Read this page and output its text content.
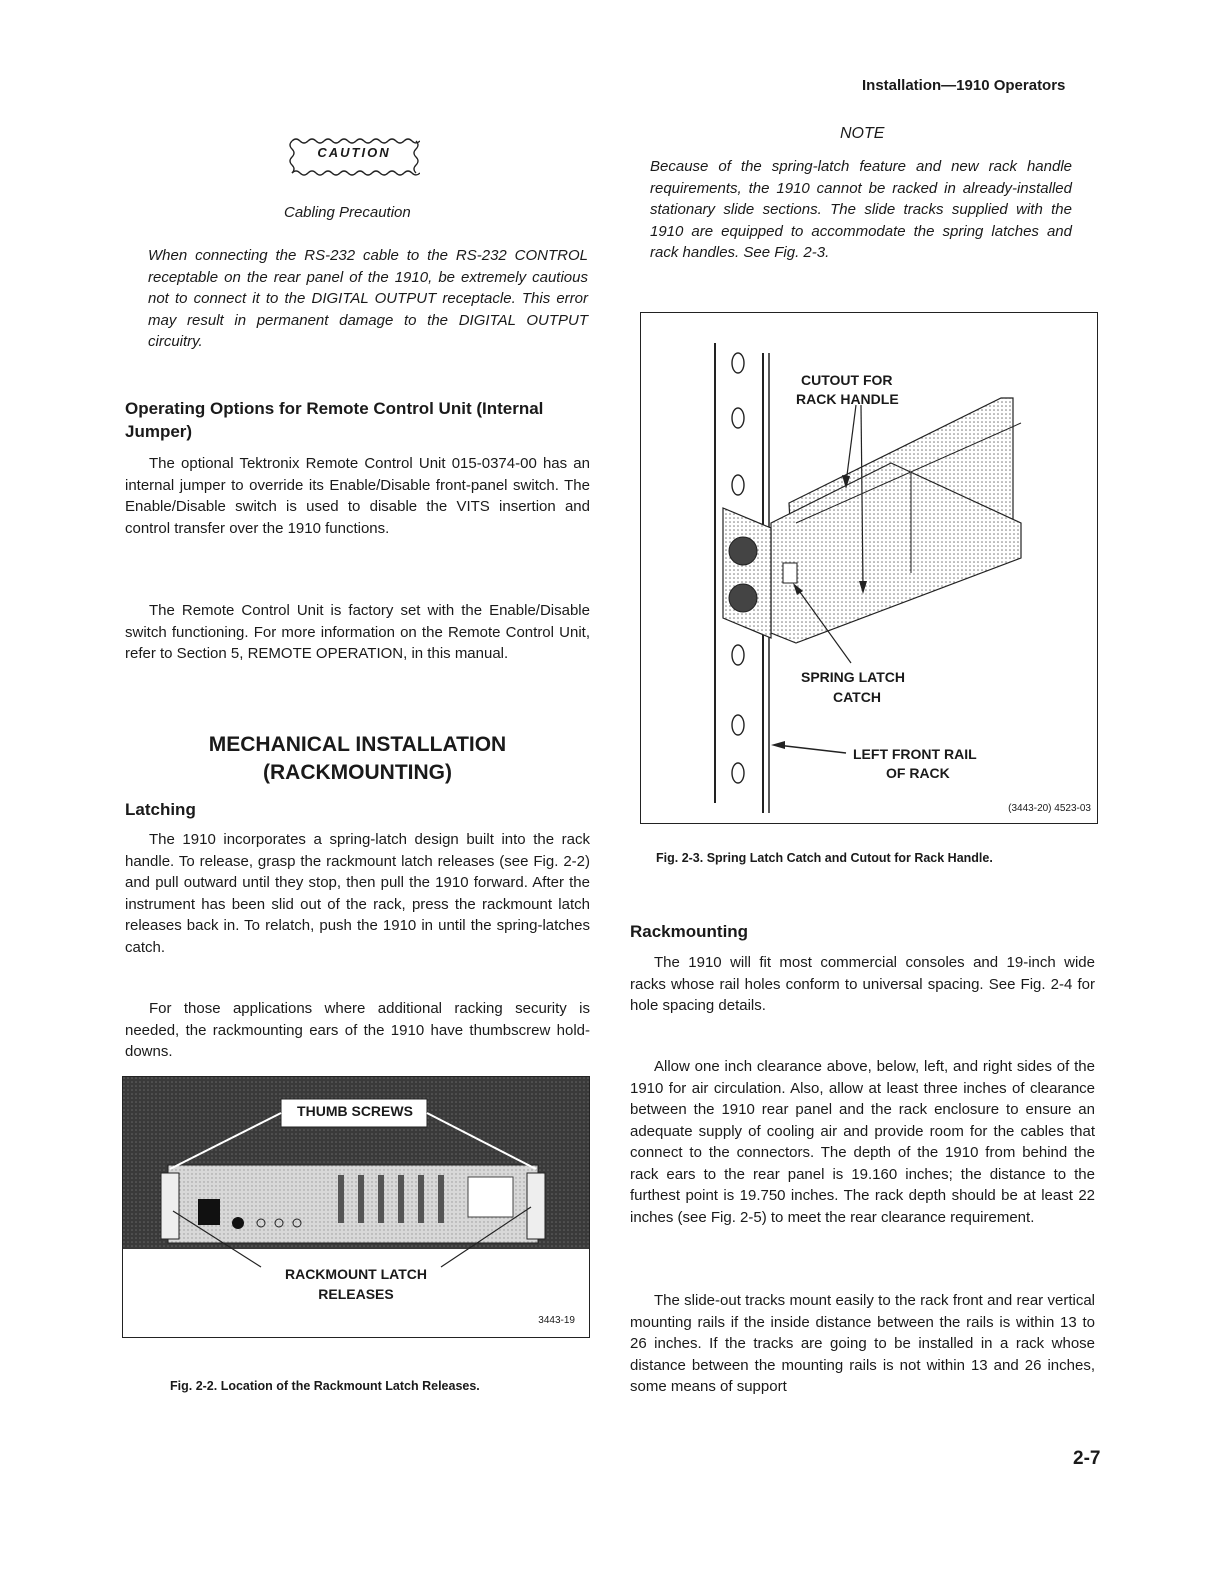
Installation—1910 Operators
CAUTION
Cabling Precaution

When connecting the RS-232 cable to the RS-232 CONTROL receptable on the rear panel of the 1910, be extremely cautious not to connect it to the DIGITAL OUTPUT receptacle. This error may result in permanent damage to the DIGITAL OUTPUT circuitry.

Operating Options for Remote Control Unit (Internal Jumper)

The optional Tektronix Remote Control Unit 015-0374-00 has an internal jumper to override its Enable/Disable front-panel switch. The Enable/Disable switch is used to disable the VITS insertion and control transfer over the 1910 functions.

The Remote Control Unit is factory set with the Enable/Disable switch functioning. For more information on the Remote Control Unit, refer to Section 5, REMOTE OPERATION, in this manual.

MECHANICAL INSTALLATION
(RACKMOUNTING)
Latching

The 1910 incorporates a spring-latch design built into the rack handle. To release, grasp the rackmount latch releases (see Fig. 2-2) and pull outward until they stop, then pull the 1910 forward. After the instrument has been slid out of the rack, press the rackmount latch releases back in. To relatch, push the 1910 in until the spring-latches catch.

For those applications where additional racking security is needed, the rackmounting ears of the 1910 have thumbscrew hold-downs.

THUMB SCREWS
RACKMOUNT LATCH
RELEASES
3443-19
Fig. 2-2. Location of the Rackmount Latch Releases.
NOTE

Because of the spring-latch feature and new rack handle requirements, the 1910 cannot be racked in already-installed stationary slide sections. The slide tracks supplied with the 1910 are equipped to accommodate the spring latches and rack handles. See Fig. 2-3.

CUTOUT FOR
RACK HANDLE
SPRING LATCH
CATCH
LEFT FRONT RAIL
OF RACK
(3443-20) 4523-03
Fig. 2-3. Spring Latch Catch and Cutout for Rack Handle.
Rackmounting

The 1910 will fit most commercial consoles and 19-inch wide racks whose rail holes conform to universal spacing. See Fig. 2-4 for hole spacing details.

Allow one inch clearance above, below, left, and right sides of the 1910 for air circulation. Also, allow at least three inches of clearance between the 1910 rear panel and the rack enclosure to ensure an adequate supply of cooling air and provide room for the cables that connect to the connectors. The depth of the 1910 from behind the rack ears to the rear panel is 19.160 inches; the distance to the furthest point is 19.750 inches. The rack depth should be at least 22 inches (see Fig. 2-5) to meet the rear clearance requirement.

The slide-out tracks mount easily to the rack front and rear vertical mounting rails if the inside distance between the rails is within 13 to 26 inches. If the tracks are going to be installed in a rack whose distance between the mounting rails is not within 13 and 26 inches, some means of support

2-7
